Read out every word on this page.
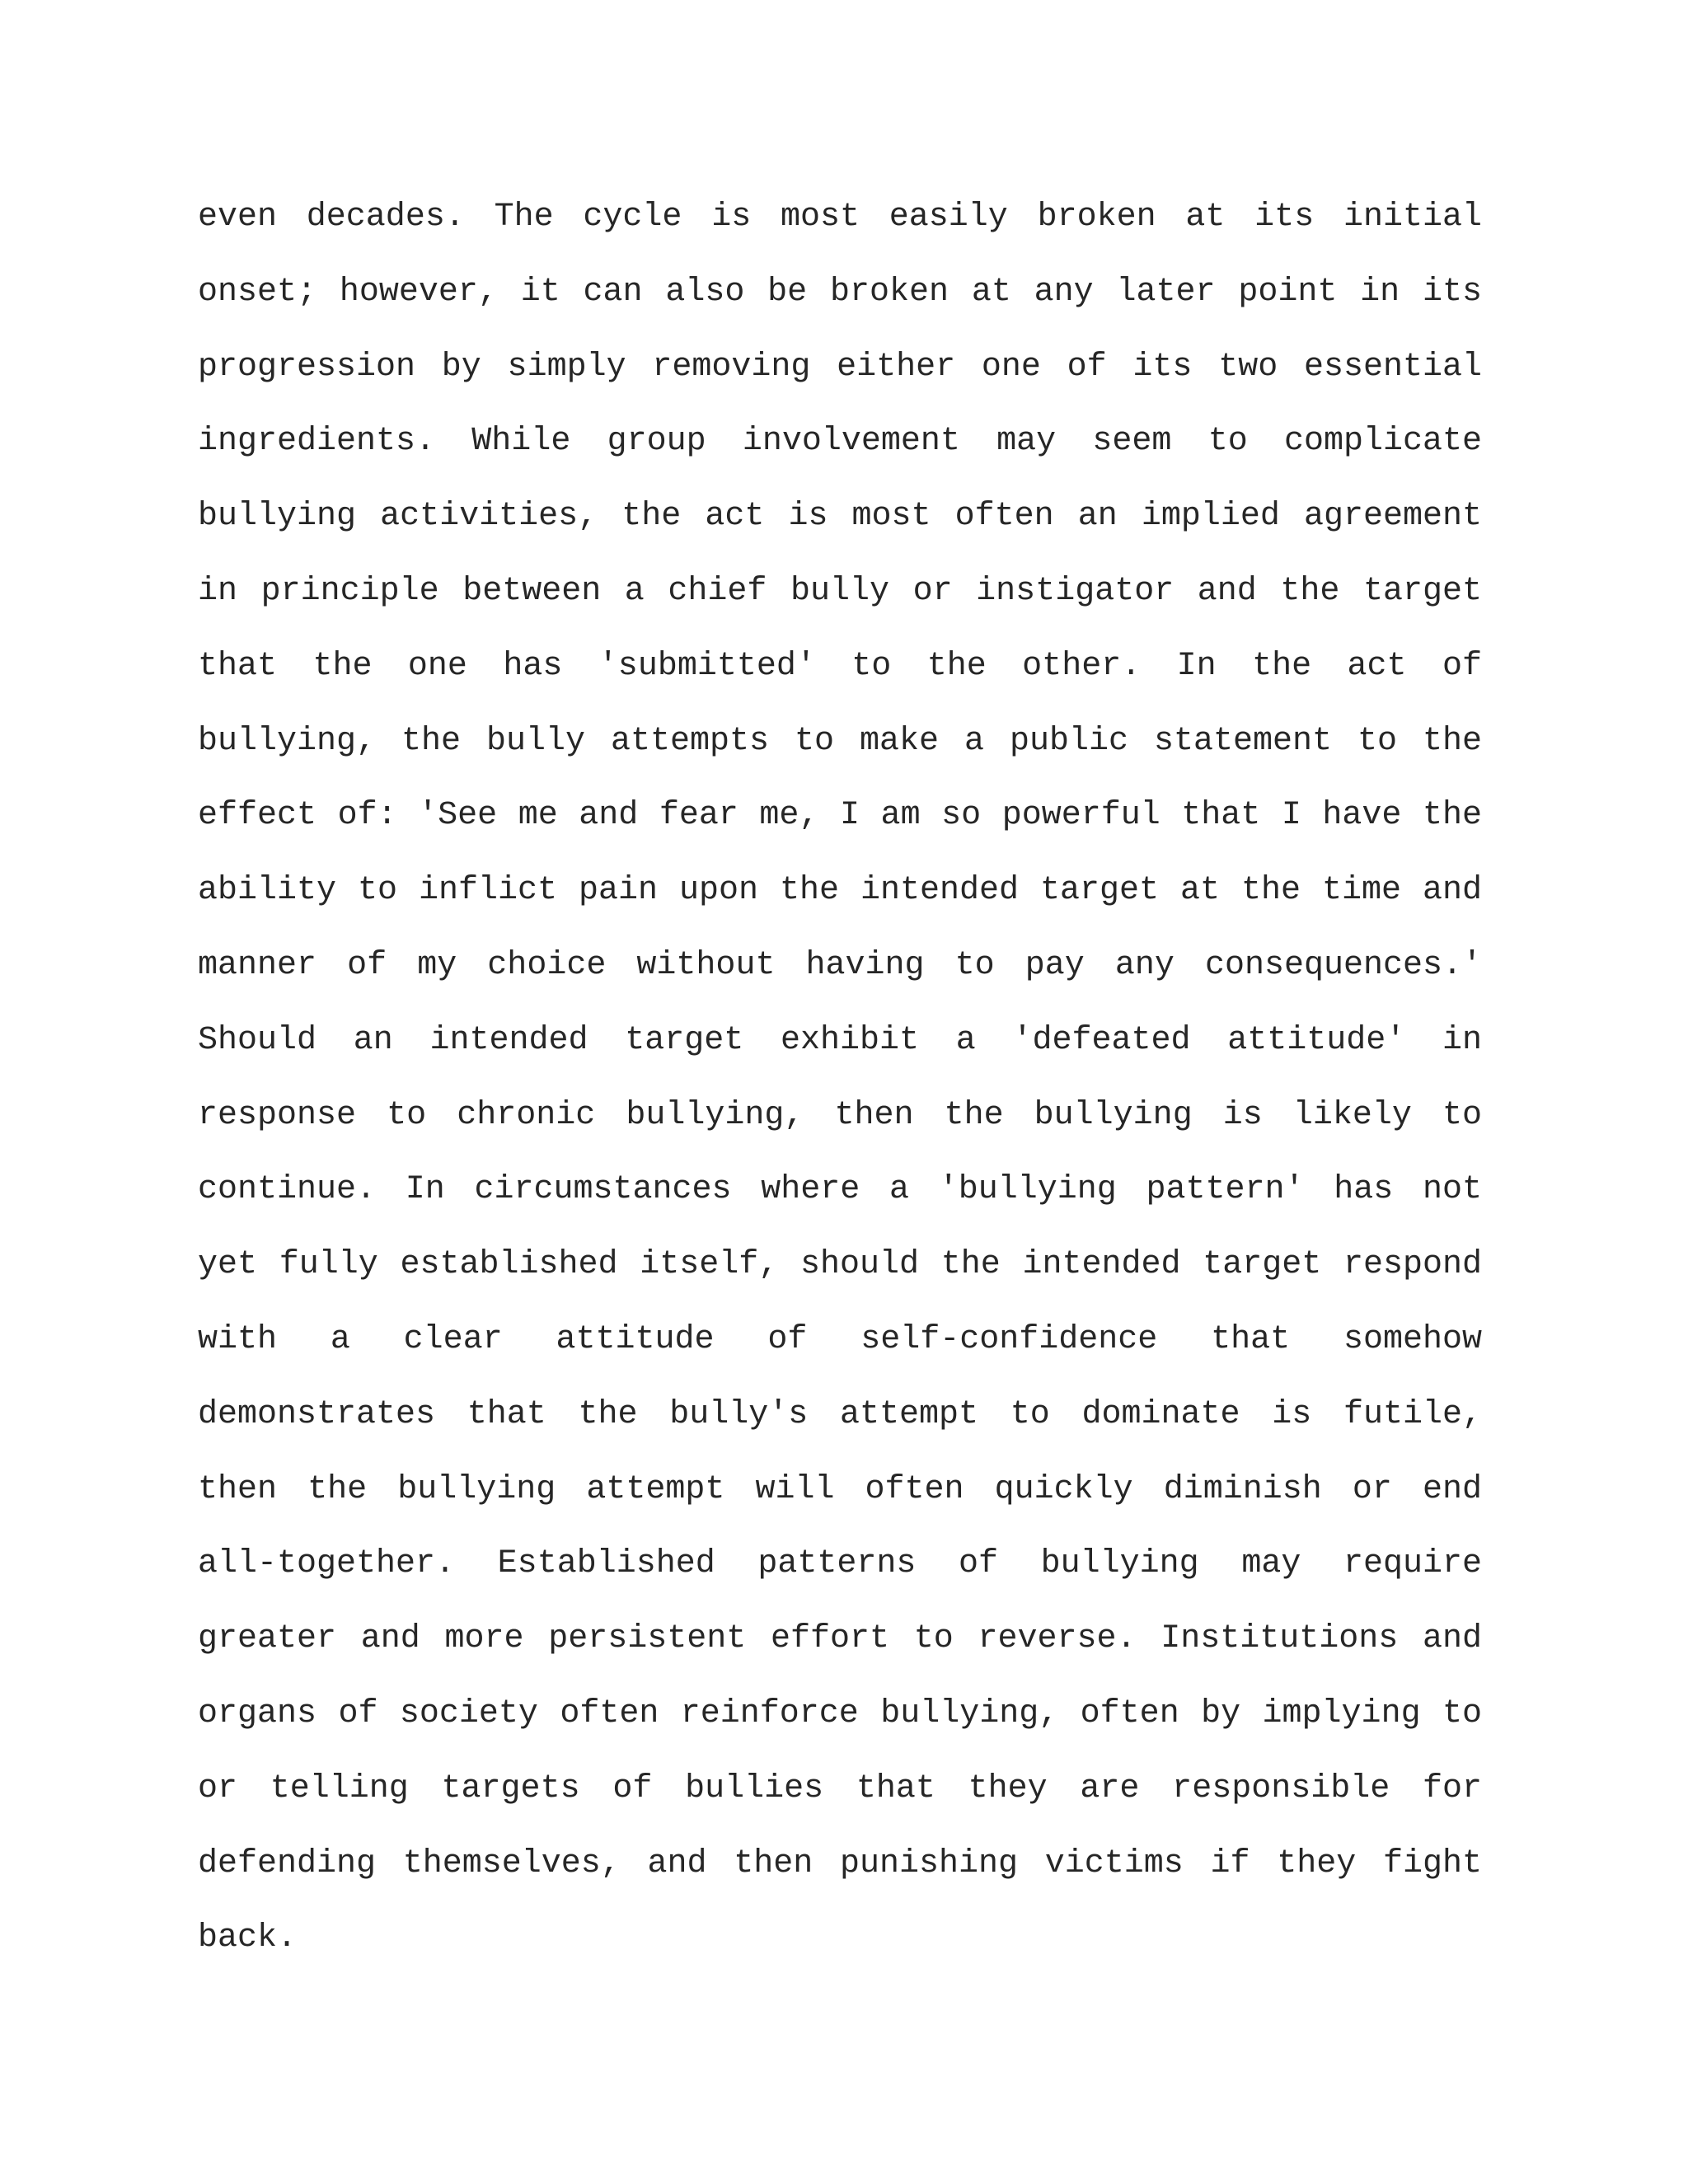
even decades. The cycle is most easily broken at its initial
onset; however, it can also be broken at any later point in its
progression by simply removing either one of its two essential
ingredients. While group involvement may seem to complicate
bullying activities, the act is most often an implied agreement
in principle between a chief bully or instigator and the target
that the one has 'submitted' to the other. In the act of
bullying, the bully attempts to make a public statement to the
effect of: 'See me and fear me, I am so powerful that I have the
ability to inflict pain upon the intended target at the time and
manner of my choice without having to pay any consequences.'
Should an intended target exhibit a 'defeated attitude' in
response to chronic bullying, then the bullying is likely to
continue. In circumstances where a 'bullying pattern' has not
yet fully established itself, should the intended target respond
with a clear attitude of self-confidence that somehow
demonstrates that the bully's attempt to dominate is futile,
then the bullying attempt will often quickly diminish or end
all-together. Established patterns of bullying may require
greater and more persistent effort to reverse. Institutions and
organs of society often reinforce bullying, often by implying to
or telling targets of bullies that they are responsible for
defending themselves, and then punishing victims if they fight
back.
